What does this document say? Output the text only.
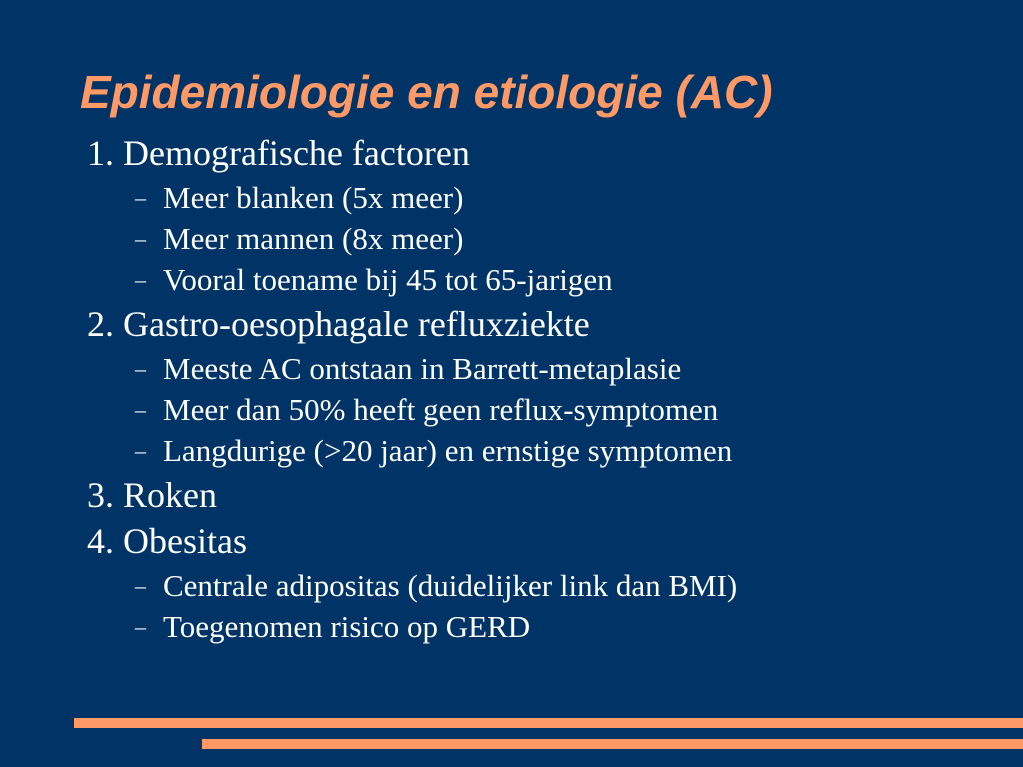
Epidemiologie en etiologie (AC)
1. Demografische factoren
– Meer blanken (5x meer)
– Meer mannen (8x meer)
– Vooral toename bij 45 tot 65-jarigen
2. Gastro-oesophagale refluxziekte
– Meeste AC ontstaan in Barrett-metaplasie
– Meer dan 50% heeft geen reflux-symptomen
– Langdurige (>20 jaar) en ernstige symptomen
3. Roken
4. Obesitas
– Centrale adipositas (duidelijker link dan BMI)
– Toegenomen risico op GERD
